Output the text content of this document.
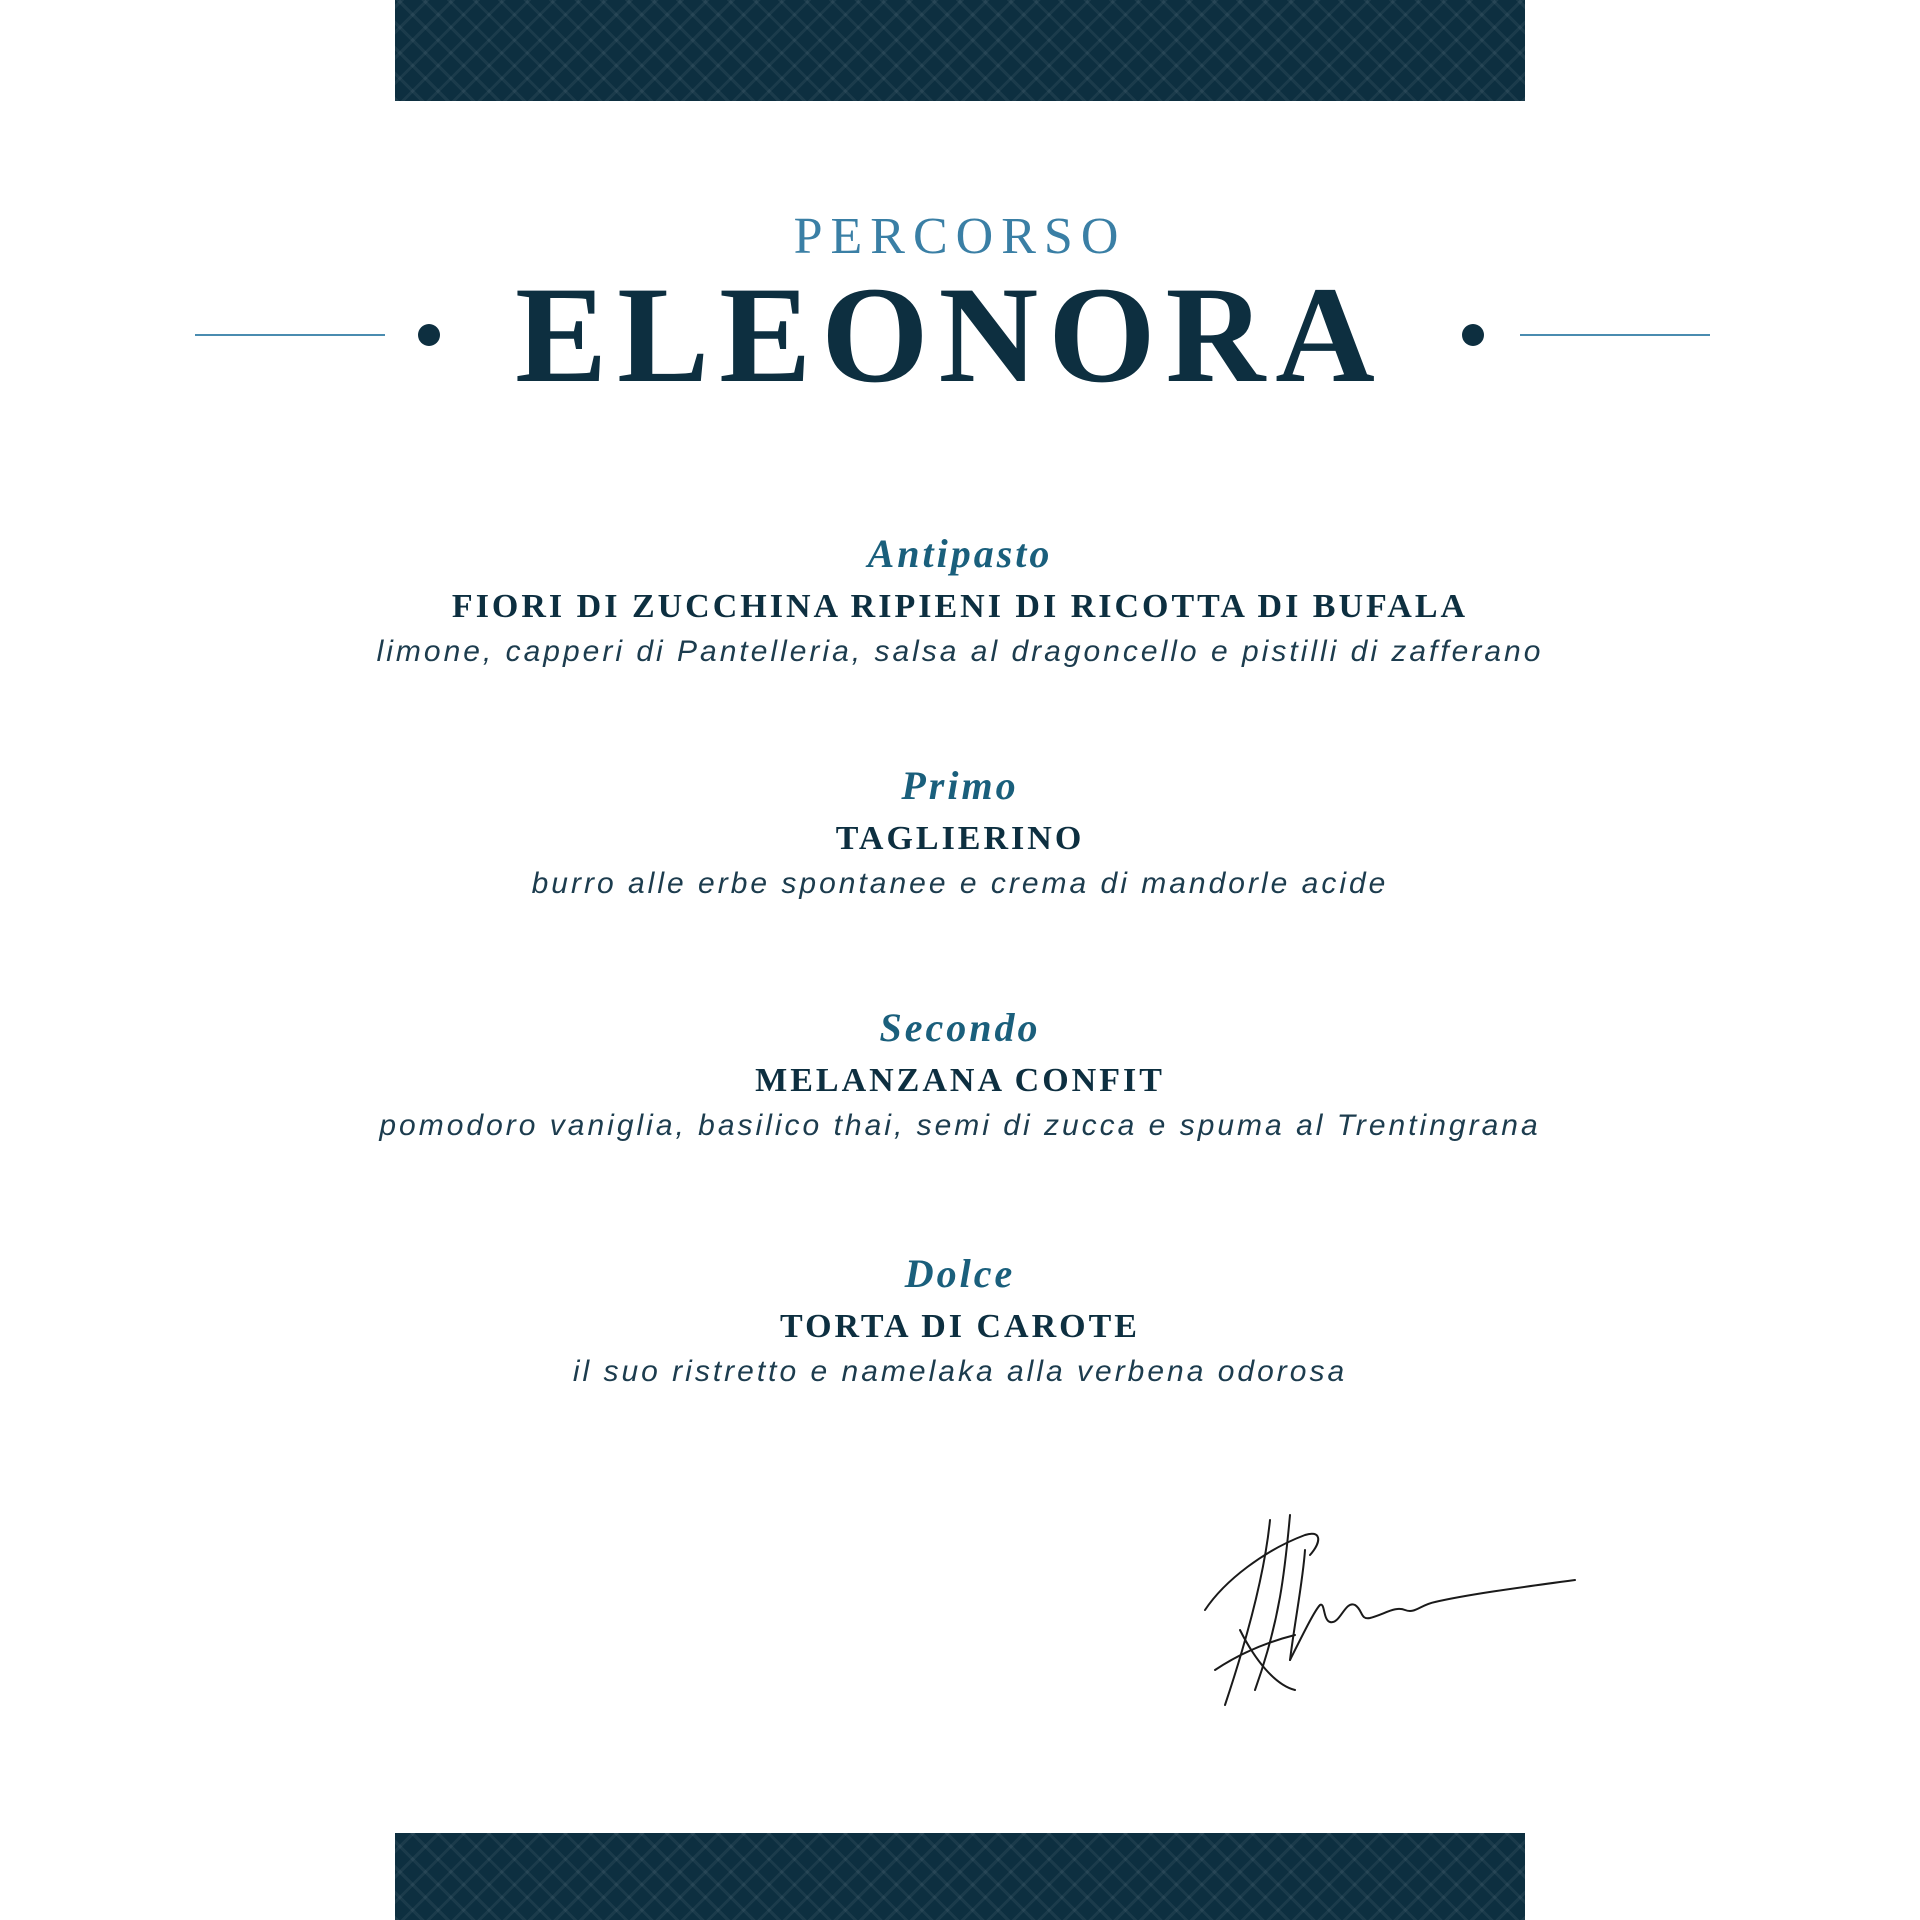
PERCORSO
ELEONORA
Antipasto
FIORI DI ZUCCHINA RIPIENI DI RICOTTA DI BUFALA
limone, capperi di Pantelleria, salsa al dragoncello e pistilli di zafferano
Primo
TAGLIERINO
burro alle erbe spontanee e crema di mandorle acide
Secondo
MELANZANA CONFIT
pomodoro vaniglia, basilico thai, semi di zucca e spuma al Trentingrana
Dolce
TORTA DI CAROTE
il suo ristretto e namelaka alla verbena odorosa
